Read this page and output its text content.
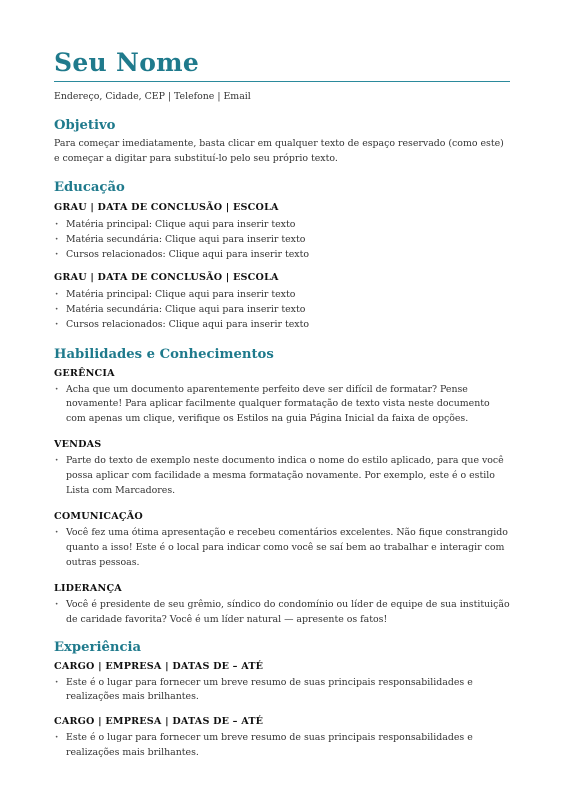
Seu Nome
Endereço, Cidade, CEP | Telefone | Email
Objetivo

Para começar imediatamente, basta clicar em qualquer texto de espaço reservado (como este) e começar a digitar para substituí-lo pelo seu próprio texto.

Educação
GRAU | DATA DE CONCLUSÃO | ESCOLA
· Matéria principal: Clique aqui para inserir texto
· Matéria secundária: Clique aqui para inserir texto
· Cursos relacionados: Clique aqui para inserir texto
GRAU | DATA DE CONCLUSÃO | ESCOLA
· Matéria principal: Clique aqui para inserir texto
· Matéria secundária: Clique aqui para inserir texto
· Cursos relacionados: Clique aqui para inserir texto
Habilidades e Conhecimentos
GERÊNCIA
· Acha que um documento aparentemente perfeito deve ser difícil de formatar? Pense novamente! Para aplicar facilmente qualquer formatação de texto vista neste documento com apenas um clique, verifique os Estilos na guia Página Inicial da faixa de opções.
VENDAS
· Parte do texto de exemplo neste documento indica o nome do estilo aplicado, para que você possa aplicar com facilidade a mesma formatação novamente. Por exemplo, este é o estilo Lista com Marcadores.
COMUNICAÇÃO
· Você fez uma ótima apresentação e recebeu comentários excelentes. Não fique constrangido quanto a isso! Este é o local para indicar como você se saí bem ao trabalhar e interagir com outras pessoas.
LIDERANÇA
· Você é presidente de seu grêmio, síndico do condomínio ou líder de equipe de sua instituição de caridade favorita? Você é um líder natural — apresente os fatos!
Experiência
CARGO | EMPRESA | DATAS DE – ATÉ
· Este é o lugar para fornecer um breve resumo de suas principais responsabilidades e realizações mais brilhantes.
CARGO | EMPRESA | DATAS DE – ATÉ
· Este é o lugar para fornecer um breve resumo de suas principais responsabilidades e realizações mais brilhantes.
